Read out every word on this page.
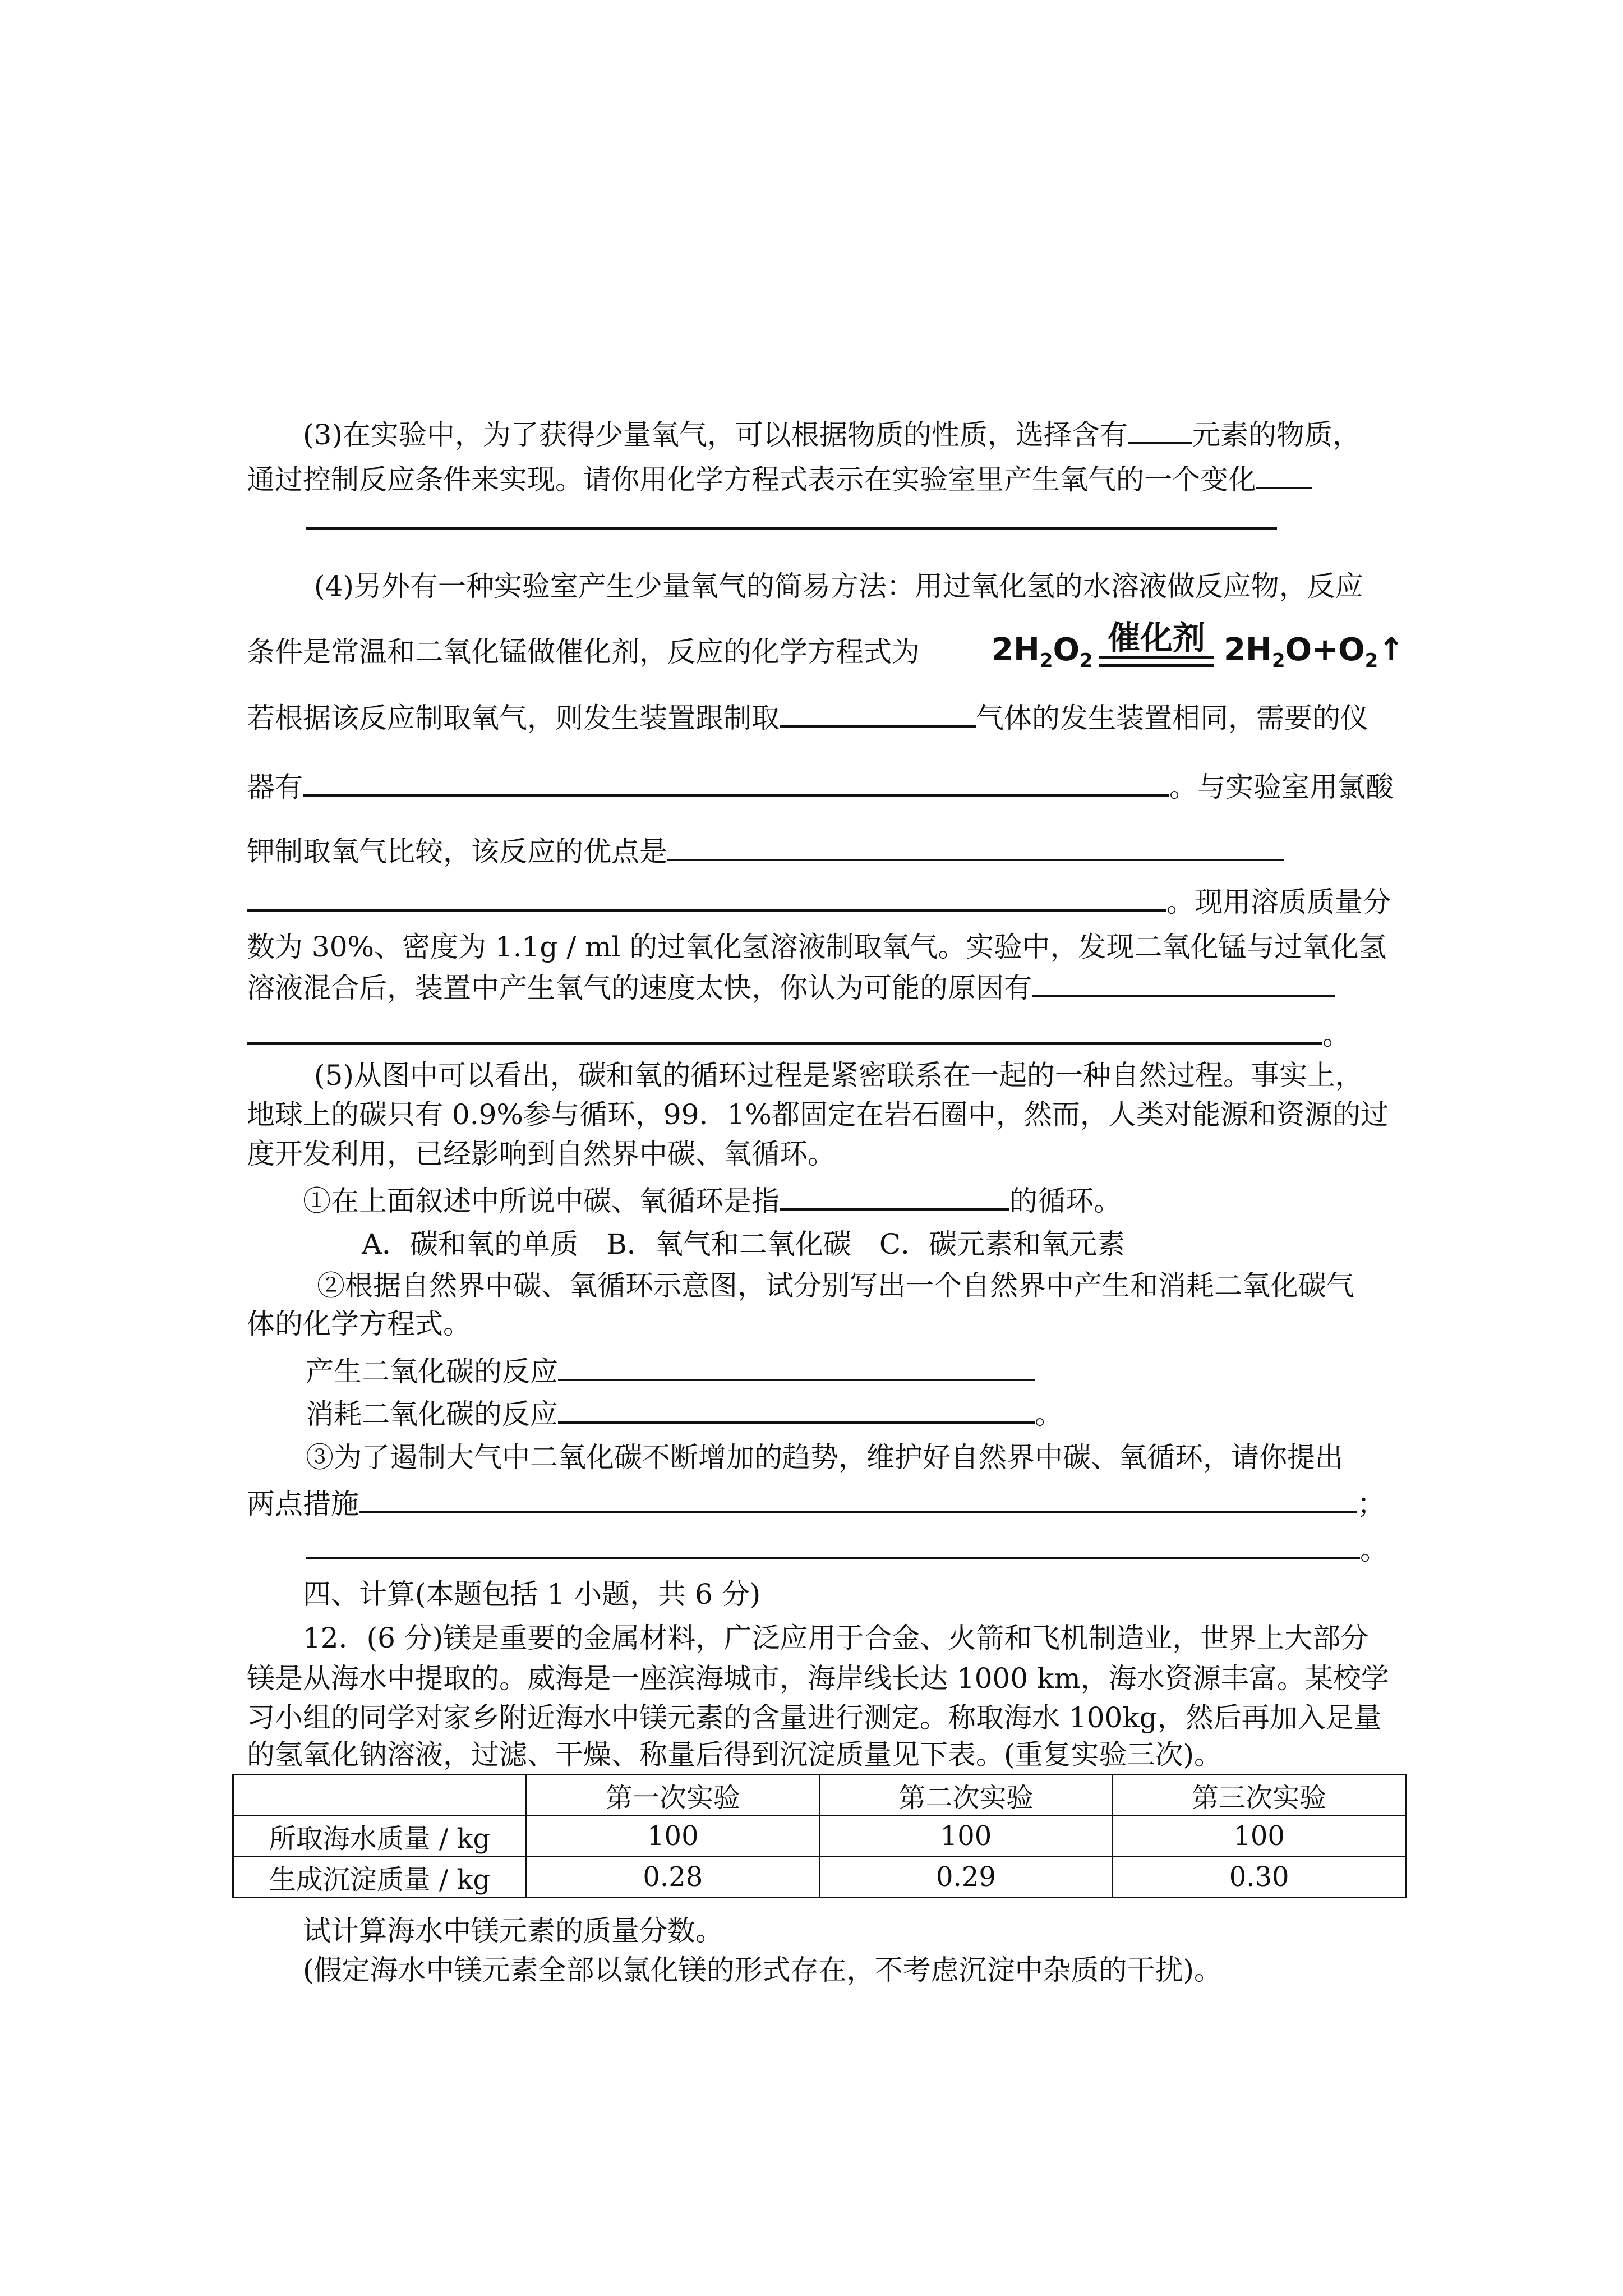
(3)在实验中，为了获得少量氧气，可以根据物质的性质，选择含有 元素的物质，
通过控制反应条件来实现。请你用化学方程式表示在实验室里产生氧气的一个变化
(4)另外有一种实验室产生少量氧气的简易方法：用过氧化氢的水溶液做反应物，反应
条件是常温和二氧化锰做催化剂，反应的化学方程式为 $2H_2O_2$
催化剂 $2H_2O+O_2↑$
若根据该反应制取氧气，则发生装置跟制取	气体的发生装置相同，需要的仪
器有	。与实验室用氯酸
钾制取氧气比较，该反应的优点是
。现用溶质质量分
数为 30%、密度为 1.1g / ml 的过氧化氢溶液制取氧气。实验中，发现二氧化锰与过氧化氢
溶液混合后，装置中产生氧气的速度太快，你认为可能的原因有
。
(5)从图中可以看出，碳和氧的循环过程是紧密联系在一起的一种自然过程。事实上，
地球上的碳只有 0.9%参与循环，99．1%都固定在岩石圈中，然而，人类对能源和资源的过
度开发利用，已经影响到自然界中碳、氧循环。
①在上面叙述中所说中碳、氧循环是指	的循环。
A．碳和氧的单质　B．氧气和二氧化碳　C．碳元素和氧元素
②根据自然界中碳、氧循环示意图，试分别写出一个自然界中产生和消耗二氧化碳气
体的化学方程式。
产生二氧化碳的反应
消耗二氧化碳的反应	。
③为了遏制大气中二氧化碳不断增加的趋势，维护好自然界中碳、氧循环，请你提出
两点措施	；
。
四、计算(本题包括 1 小题，共 6 分)
12．(6 分)镁是重要的金属材料，广泛应用于合金、火箭和飞机制造业，世界上大部分
镁是从海水中提取的。威海是一座滨海城市，海岸线长达 1000 km，海水资源丰富。某校学
习小组的同学对家乡附近海水中镁元素的含量进行测定。称取海水 100kg，然后再加入足量
的氢氧化钠溶液，过滤、干燥、称量后得到沉淀质量见下表。(重复实验三次)。
	第一次实验	第二次实验	第三次实验
所取海水质量 / kg	100	100	100
生成沉淀质量 / kg	0.28	0.29	0.30
试计算海水中镁元素的质量分数。
(假定海水中镁元素全部以氯化镁的形式存在，不考虑沉淀中杂质的干扰)。
